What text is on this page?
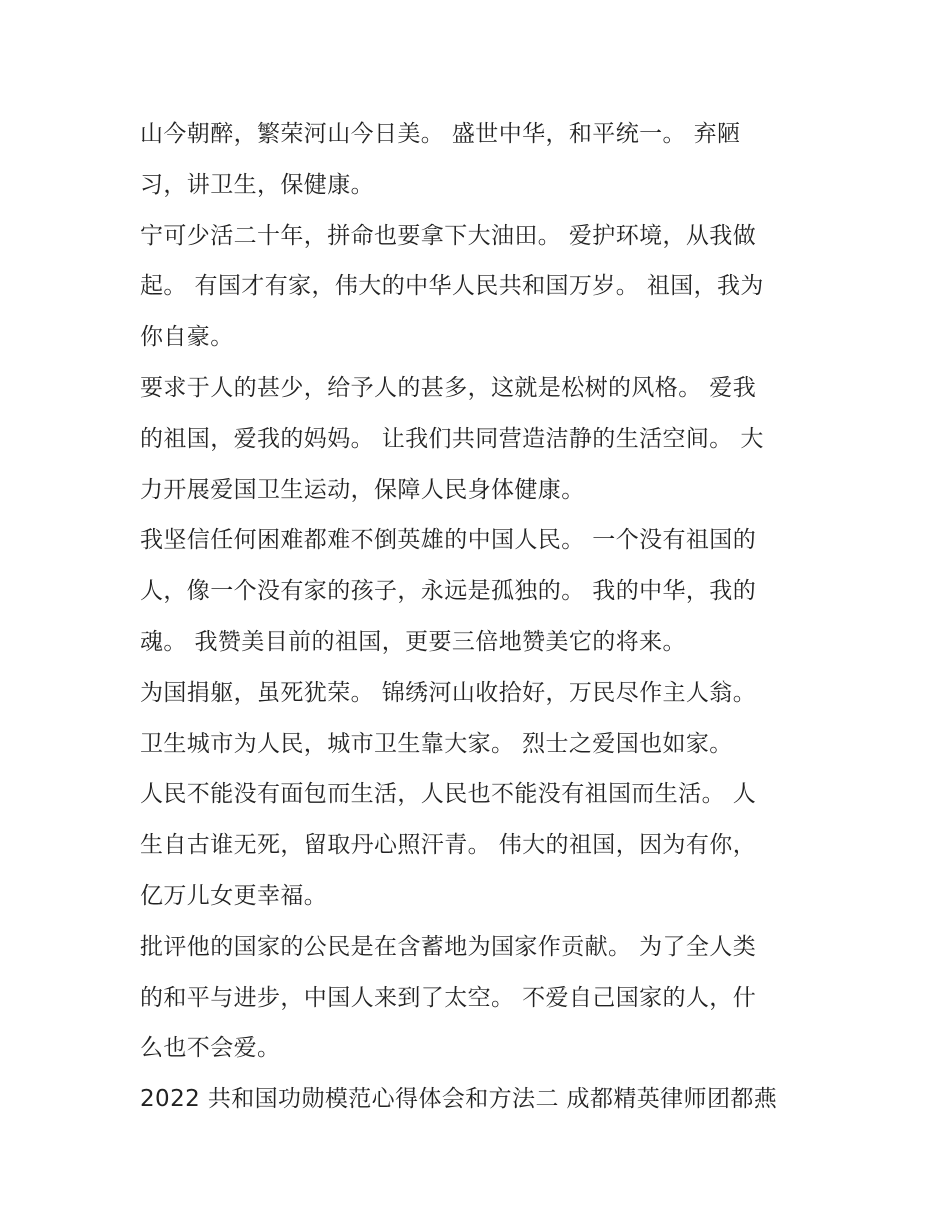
山今朝醉，繁荣河山今日美。 盛世中华，和平统一。 弃陋
习，讲卫生，保健康。
宁可少活二十年，拼命也要拿下大油田。 爱护环境，从我做
起。 有国才有家，伟大的中华人民共和国万岁。 祖国，我为
你自豪。
要求于人的甚少，给予人的甚多，这就是松树的风格。 爱我
的祖国，爱我的妈妈。 让我们共同营造洁静的生活空间。 大
力开展爱国卫生运动，保障人民身体健康。
我坚信任何困难都难不倒英雄的中国人民。 一个没有祖国的
人，像一个没有家的孩子，永远是孤独的。 我的中华，我的
魂。 我赞美目前的祖国，更要三倍地赞美它的将来。
为国捐躯，虽死犹荣。 锦绣河山收拾好，万民尽作主人翁。
卫生城市为人民，城市卫生靠大家。 烈士之爱国也如家。
人民不能没有面包而生活，人民也不能没有祖国而生活。 人
生自古谁无死，留取丹心照汗青。 伟大的祖国，因为有你，
亿万儿女更幸福。
批评他的国家的公民是在含蓄地为国家作贡献。 为了全人类
的和平与进步，中国人来到了太空。 不爱自己国家的人，什
么也不会爱。
2022 共和国功勋模范心得体会和方法二 成都精英律师团都燕
